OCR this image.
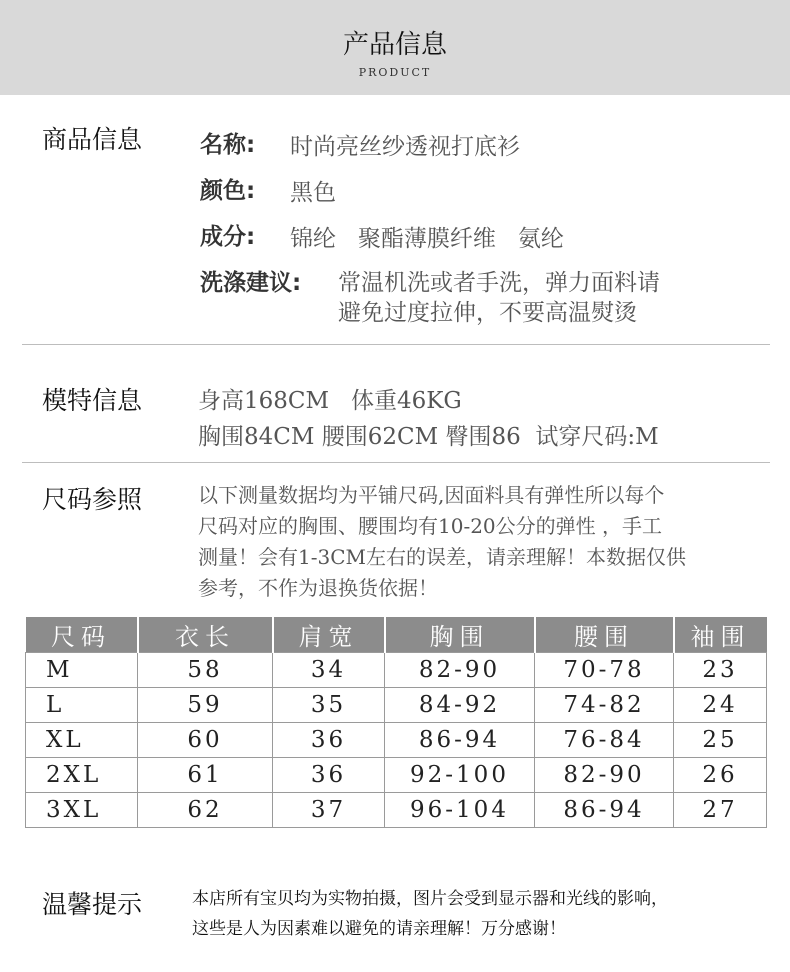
产品信息
PRODUCT
商品信息	名称: 时尚亮丝纱透视打底衫
颜色: 黑色
成分: 锦纶   聚酯薄膜纤维   氨纶
洗涤建议: 常温机洗或者手洗，弹力面料请
避免过度拉伸，不要高温熨烫
模特信息 身高168CM   体重46KG
胸围84CM 腰围62CM 臀围86  试穿尺码:M
尺码参照	以下测量数据均为平铺尺码,因面料具有弹性所以每个
尺码对应的胸围、腰围均有10-20公分的弹性 ，手工
测量！会有1-3CM左右的误差，请亲理解！本数据仅供
参考，不作为退换货依据！
尺码	衣长	肩宽	胸围	腰围	袖围
M	58	34	82-90	70-78	23
L	59	35	84-92	74-82	24
XL	60	36	86-94	76-84	25
2XL	61	36	92-100	82-90	26
3XL	62	37	96-104	86-94	27
温馨提示	本店所有宝贝均为实物拍摄，图片会受到显示器和光线的影响，
这些是人为因素难以避免的请亲理解！万分感谢！
